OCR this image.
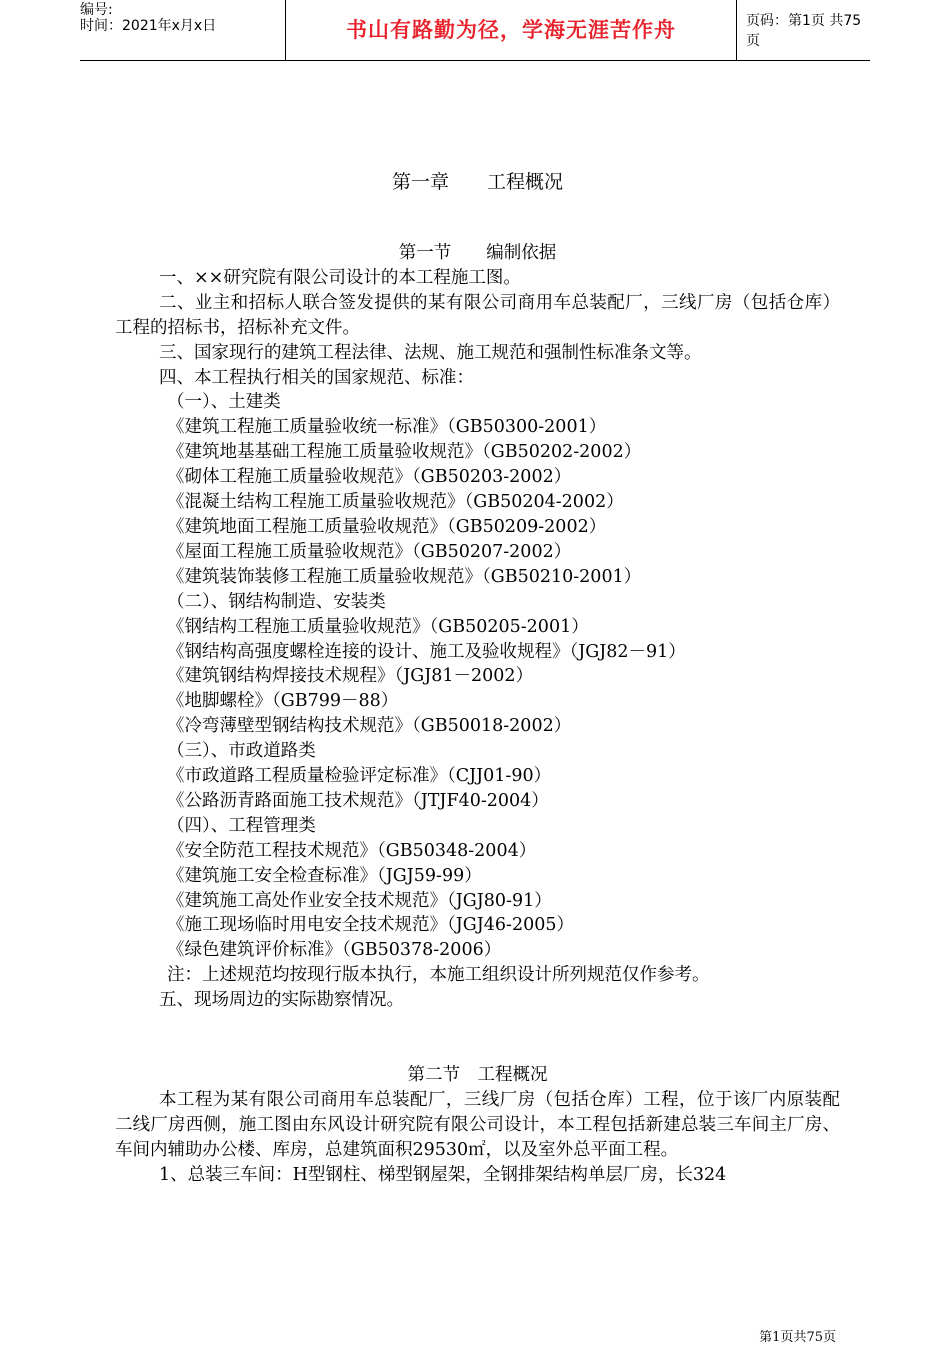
编号:
时间：2021年x月x日	书山有路勤为径，学海无涯苦作舟	页码：第1页 共75页
第一章　　工程概况
第一节　　编制依据
一、××研究院有限公司设计的本工程施工图。
二、业主和招标人联合签发提供的某有限公司商用车总装配厂，三线厂房（包括仓库）工程的招标书，招标补充文件。
三、国家现行的建筑工程法律、法规、施工规范和强制性标准条文等。
四、本工程执行相关的国家规范、标准：
（一）、土建类
《建筑工程施工质量验收统一标准》（GB50300-2001）
《建筑地基基础工程施工质量验收规范》（GB50202-2002）
《砌体工程施工质量验收规范》（GB50203-2002）
《混凝土结构工程施工质量验收规范》（GB50204-2002）
《建筑地面工程施工质量验收规范》（GB50209-2002）
《屋面工程施工质量验收规范》（GB50207-2002）
《建筑装饰装修工程施工质量验收规范》（GB50210-2001）
（二）、钢结构制造、安装类
《钢结构工程施工质量验收规范》（GB50205-2001）
《钢结构高强度螺栓连接的设计、施工及验收规程》（JGJ82－91）
《建筑钢结构焊接技术规程》（JGJ81－2002）
《地脚螺栓》（GB799－88）
《冷弯薄壁型钢结构技术规范》（GB50018-2002）
（三）、市政道路类
《市政道路工程质量检验评定标准》（CJJ01-90）
《公路沥青路面施工技术规范》（JTJF40-2004）
（四）、工程管理类
《安全防范工程技术规范》（GB50348-2004）
《建筑施工安全检查标准》（JGJ59-99）
《建筑施工高处作业安全技术规范》（JGJ80-91）
《施工现场临时用电安全技术规范》（JGJ46-2005）
《绿色建筑评价标准》（GB50378-2006）
注：上述规范均按现行版本执行，本施工组织设计所列规范仅作参考。
五、现场周边的实际勘察情况。
第二节　工程概况
本工程为某有限公司商用车总装配厂，三线厂房（包括仓库）工程，位于该厂内原装配二线厂房西侧，施工图由东风设计研究院有限公司设计，本工程包括新建总装三车间主厂房、车间内辅助办公楼、库房，总建筑面积29530㎡，以及室外总平面工程。
1、总装三车间：H型钢柱、梯型钢屋架，全钢排架结构单层厂房，长324
第1页共75页
